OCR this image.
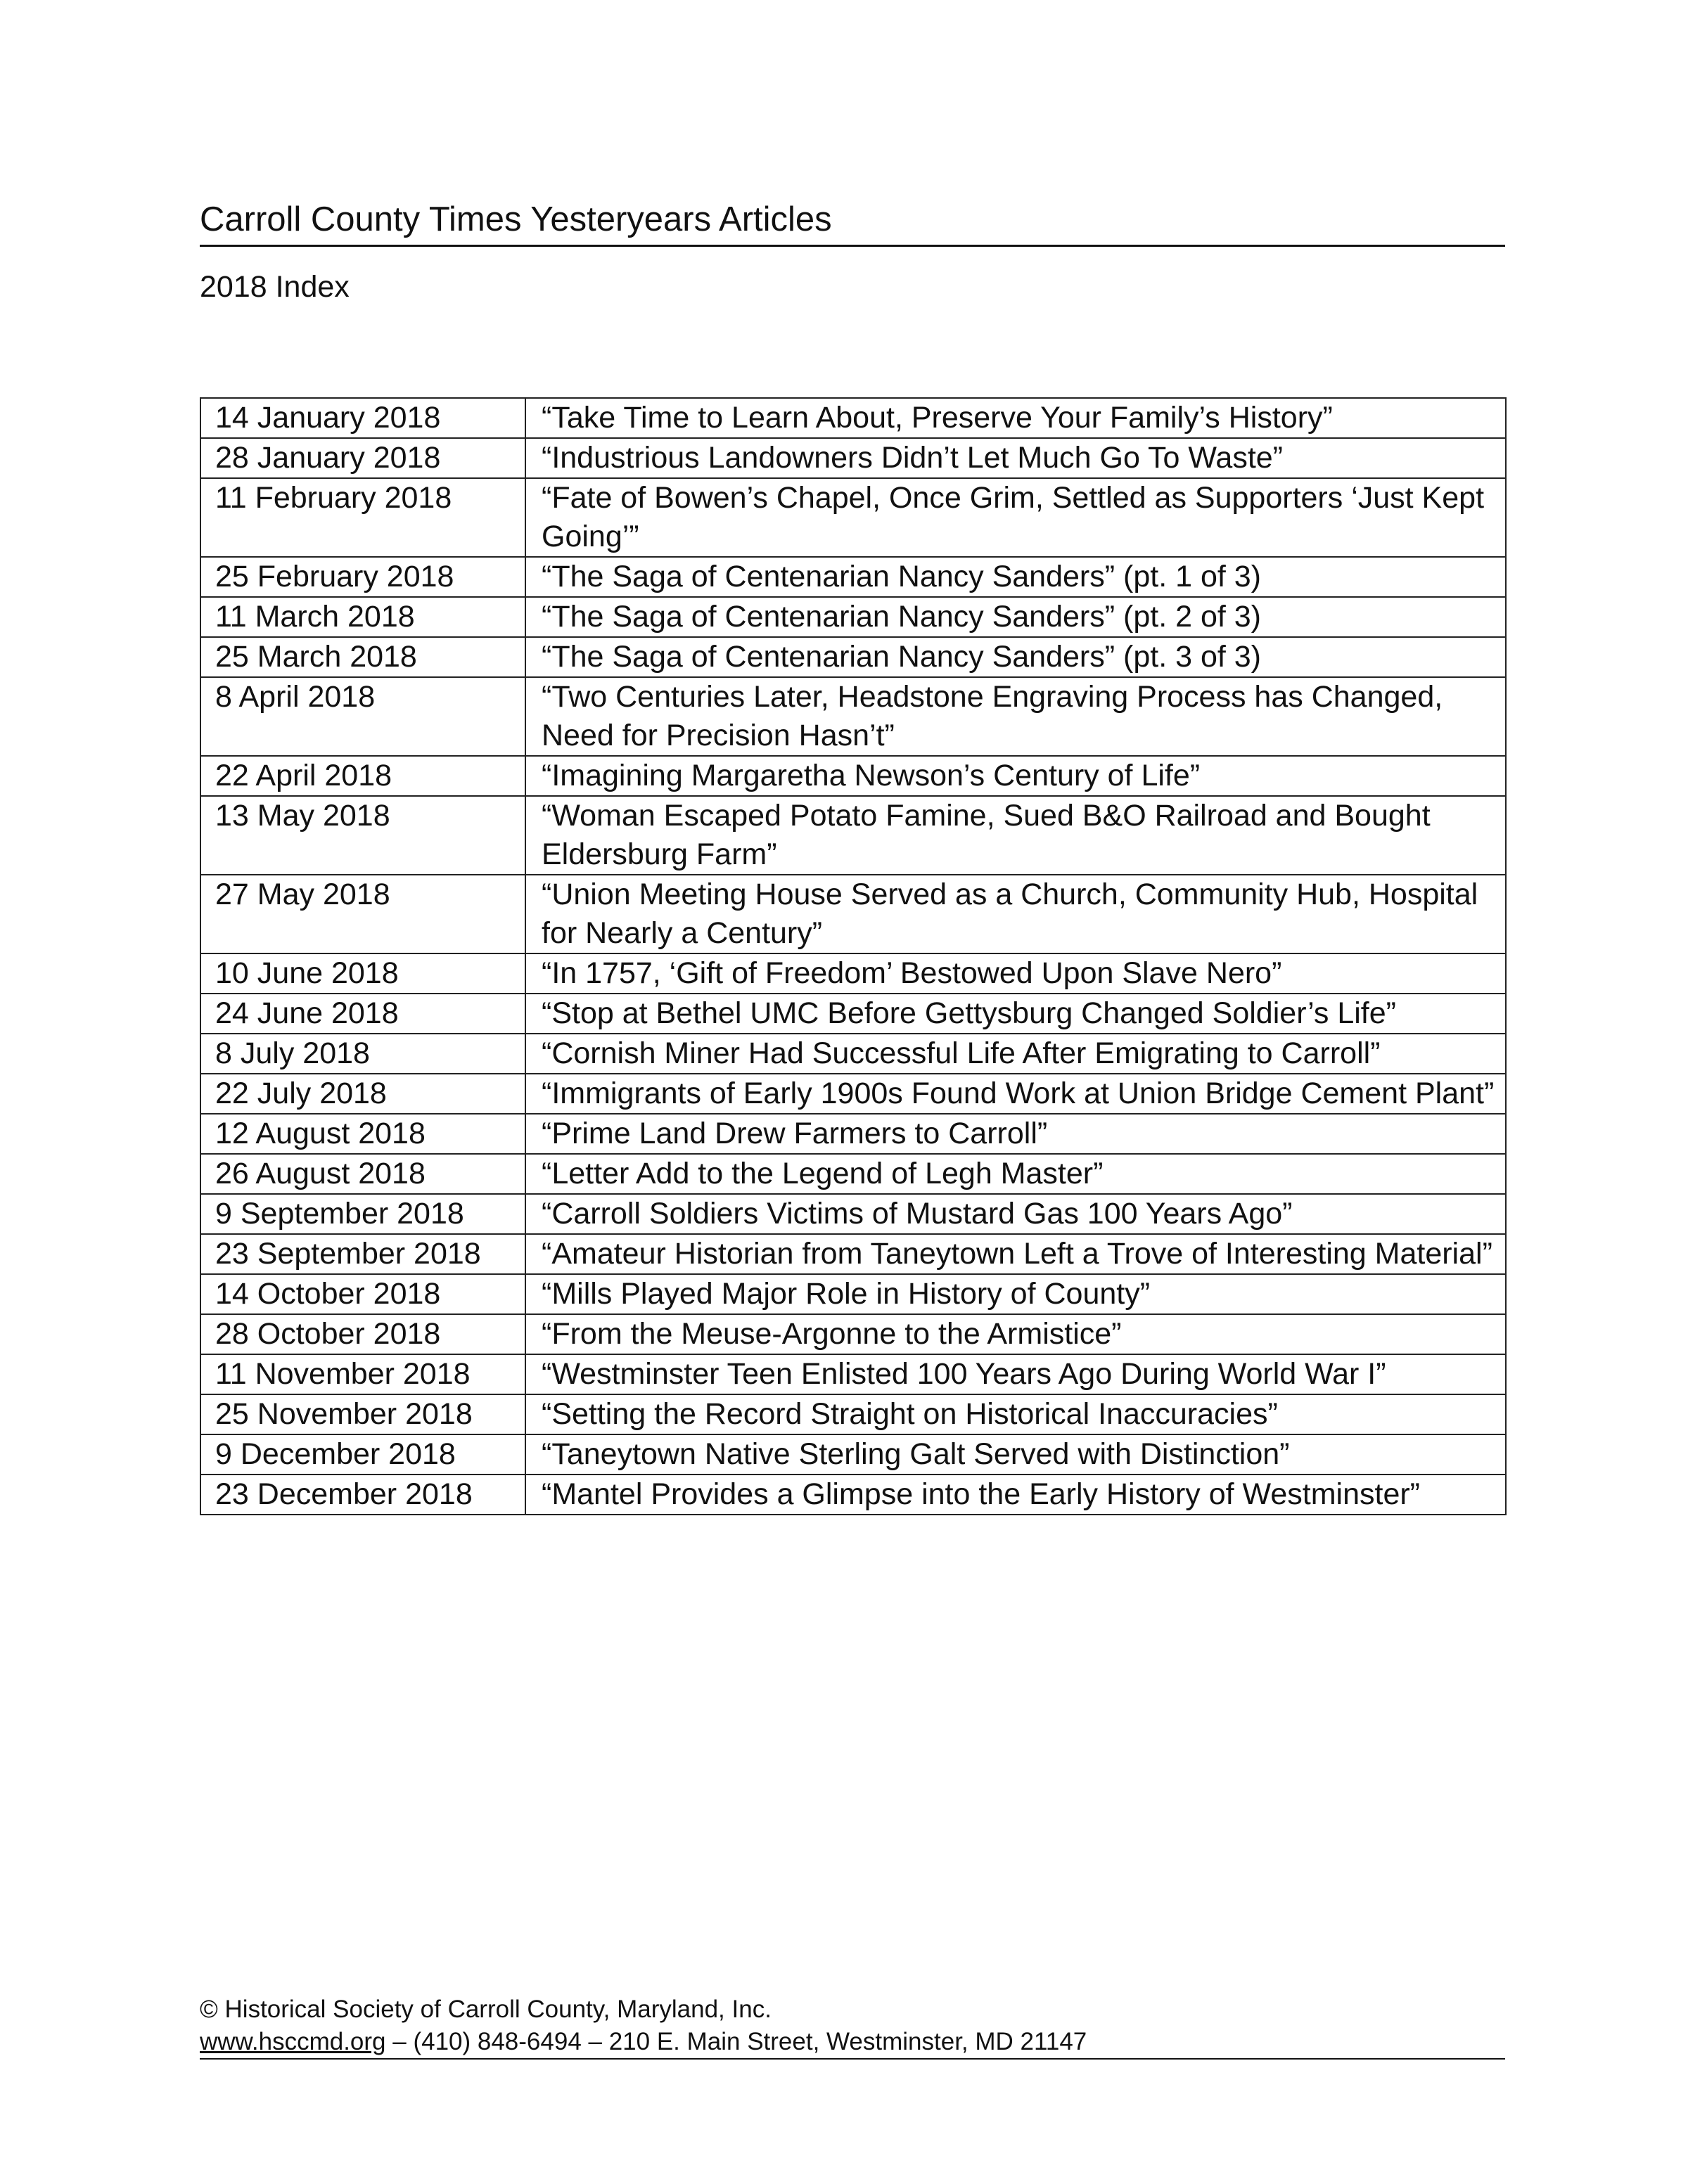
Carroll County Times Yesteryears Articles
2018 Index
14 January 2018	“Take Time to Learn About, Preserve Your Family’s History”
28 January 2018	“Industrious Landowners Didn’t Let Much Go To Waste”
11 February 2018	“Fate of Bowen’s Chapel, Once Grim, Settled as Supporters ‘Just Kept Going’”
25 February 2018	“The Saga of Centenarian Nancy Sanders” (pt. 1 of 3)
11 March 2018	“The Saga of Centenarian Nancy Sanders” (pt. 2 of 3)
25 March 2018	“The Saga of Centenarian Nancy Sanders” (pt. 3 of 3)
8 April 2018	“Two Centuries Later, Headstone Engraving Process has Changed, Need for Precision Hasn’t”
22 April 2018	“Imagining Margaretha Newson’s Century of Life”
13 May 2018	“Woman Escaped Potato Famine, Sued B&O Railroad and Bought Eldersburg Farm”
27 May 2018	“Union Meeting House Served as a Church, Community Hub, Hospital for Nearly a Century”
10 June 2018	“In 1757, ‘Gift of Freedom’ Bestowed Upon Slave Nero”
24 June 2018	“Stop at Bethel UMC Before Gettysburg Changed Soldier’s Life”
8 July 2018	“Cornish Miner Had Successful Life After Emigrating to Carroll”
22 July 2018	“Immigrants of Early 1900s Found Work at Union Bridge Cement Plant”
12 August 2018	“Prime Land Drew Farmers to Carroll”
26 August 2018	“Letter Add to the Legend of Legh Master”
9 September 2018	“Carroll Soldiers Victims of Mustard Gas 100 Years Ago”
23 September 2018	“Amateur Historian from Taneytown Left a Trove of Interesting Material”
14 October 2018	“Mills Played Major Role in History of County”
28 October 2018	“From the Meuse-Argonne to the Armistice”
11 November 2018	“Westminster Teen Enlisted 100 Years Ago During World War I”
25 November 2018	“Setting the Record Straight on Historical Inaccuracies”
9 December 2018	“Taneytown Native Sterling Galt Served with Distinction”
23 December 2018	“Mantel Provides a Glimpse into the Early History of Westminster”
© Historical Society of Carroll County, Maryland, Inc.
www.hsccmd.org – (410) 848-6494 – 210 E. Main Street, Westminster, MD 21147
